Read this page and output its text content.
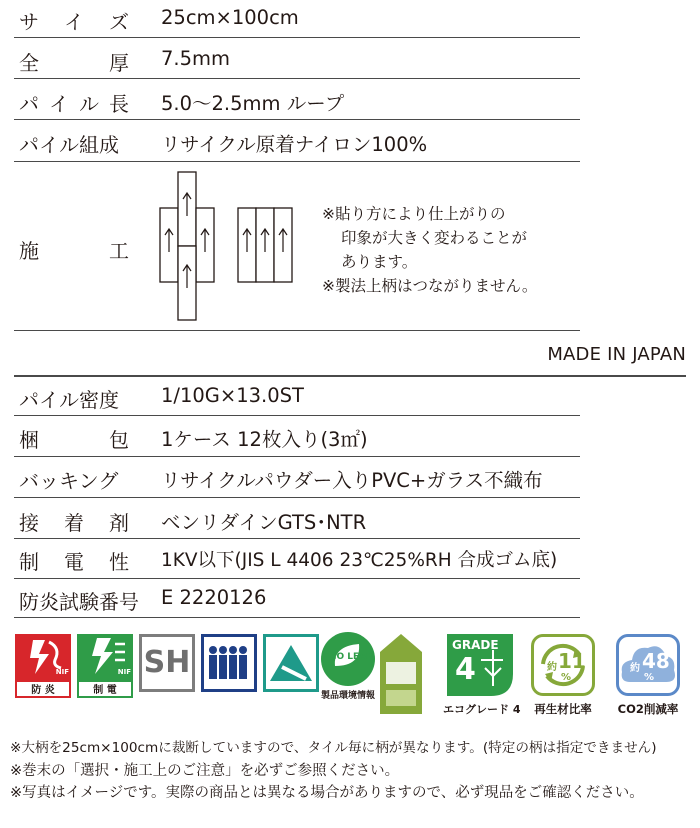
サ イ ズ 25cm×100cm
全	厚 7.5mm
パ イ ル 長 5.0〜2.5mm ループ
パイル組成 リサイクル原着ナイロン100%
施	工
※貼り方により仕上がりの
印象が大きく変わることが
あります。
※製法上柄はつながりません。
MADE IN JAPAN
パイル密度 1/10G×13.0ST
梱	包 1ケース 12枚入り(3㎡)
バッキング リサイクルパウダー入りPVC+ガラス不織布
接 着 剤 ベンリダインGTS･NTR
制 電 性 1KV以下(JIS L 4406 23℃25%RH 合成ゴム底)
防炎試験番号 E 2220126
防 炎
NIF
制 電
NIF SH	ECO LEAF
製品環境情報
GRADE
4
エコグレード 4
約 11
%
再生材比率
約 48
%
CO2削減率
※大柄を25cm×100cmに裁断していますので、タイル毎に柄が異なります。(特定の柄は指定できません)
※巻末の「選択・施工上のご注意」を必ずご参照ください。
※写真はイメージです。実際の商品とは異なる場合がありますので、必ず現品をご確認ください。
